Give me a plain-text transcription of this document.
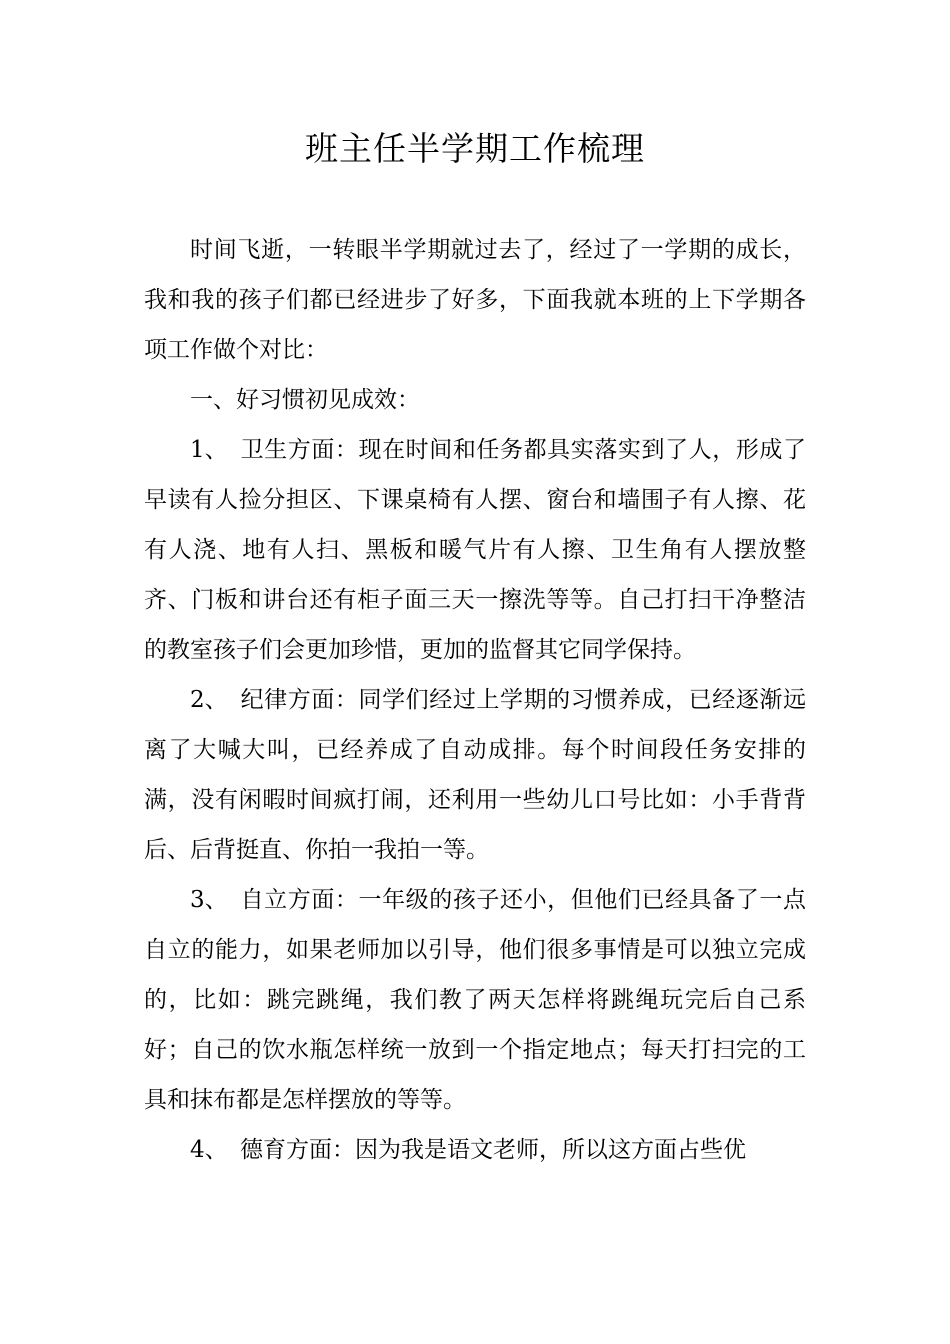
班主任半学期工作梳理

时间飞逝，一转眼半学期就过去了，经过了一学期的成长，我和我的孩子们都已经进步了好多，下面我就本班的上下学期各项工作做个对比：

一、好习惯初见成效：

1、 卫生方面：现在时间和任务都具实落实到了人，形成了早读有人捡分担区、下课桌椅有人摆、窗台和墙围子有人擦、花有人浇、地有人扫、黑板和暖气片有人擦、卫生角有人摆放整齐、门板和讲台还有柜子面三天一擦洗等等。自己打扫干净整洁的教室孩子们会更加珍惜，更加的监督其它同学保持。

2、 纪律方面：同学们经过上学期的习惯养成，已经逐渐远离了大喊大叫，已经养成了自动成排。每个时间段任务安排的满，没有闲暇时间疯打闹，还利用一些幼儿口号比如：小手背背后、后背挺直、你拍一我拍一等。

3、 自立方面：一年级的孩子还小，但他们已经具备了一点自立的能力，如果老师加以引导，他们很多事情是可以独立完成的，比如：跳完跳绳，我们教了两天怎样将跳绳玩完后自己系好；自己的饮水瓶怎样统一放到一个指定地点；每天打扫完的工具和抹布都是怎样摆放的等等。

4、 德育方面：因为我是语文老师，所以这方面占些优
